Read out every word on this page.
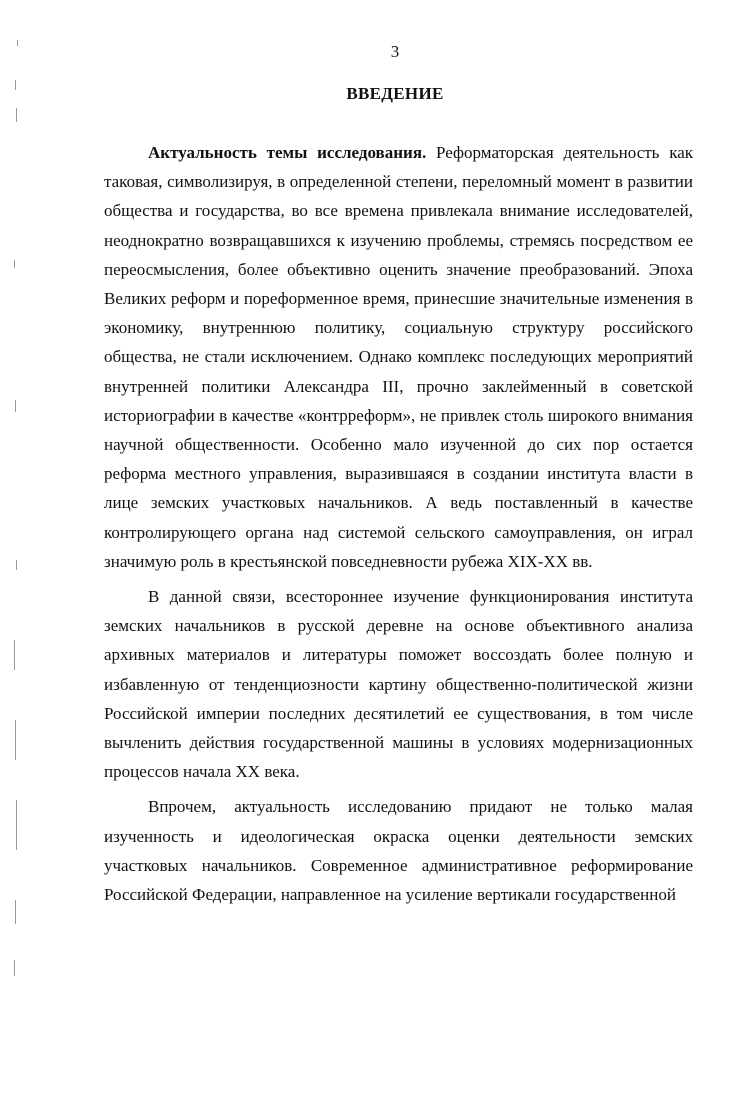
3
ВВЕДЕНИЕ

Актуальность темы исследования. Реформаторская деятельность как таковая, символизируя, в определенной степени, переломный момент в развитии общества и государства, во все времена привлекала внимание исследователей, неоднократно возвращавшихся к изучению проблемы, стремясь посредством ее переосмысления, более объективно оценить значение преобразований. Эпоха Великих реформ и пореформенное время, принесшие значительные изменения в экономику, внутреннюю политику, социальную структуру российского общества, не стали исключением. Однако комплекс последующих мероприятий внутренней политики Александра III, прочно заклейменный в советской историографии в качестве «контрреформ», не привлек столь широкого внимания научной общественности. Особенно мало изученной до сих пор остается реформа местного управления, выразившаяся в создании института власти в лице земских участковых начальников. А ведь поставленный в качестве контролирующего органа над системой сельского самоуправления, он играл значимую роль в крестьянской повседневности рубежа XIX-XX вв.

В данной связи, всестороннее изучение функционирования института земских начальников в русской деревне на основе объективного анализа архивных материалов и литературы поможет воссоздать более полную и избавленную от тенденциозности картину общественно-политической жизни Российской империи последних десятилетий ее существования, в том числе вычленить действия государственной машины в условиях модернизационных процессов начала XX века.

Впрочем, актуальность исследованию придают не только малая изученность и идеологическая окраска оценки деятельности земских участковых начальников. Современное административное реформирование Российской Федерации, направленное на усиление вертикали государственной
